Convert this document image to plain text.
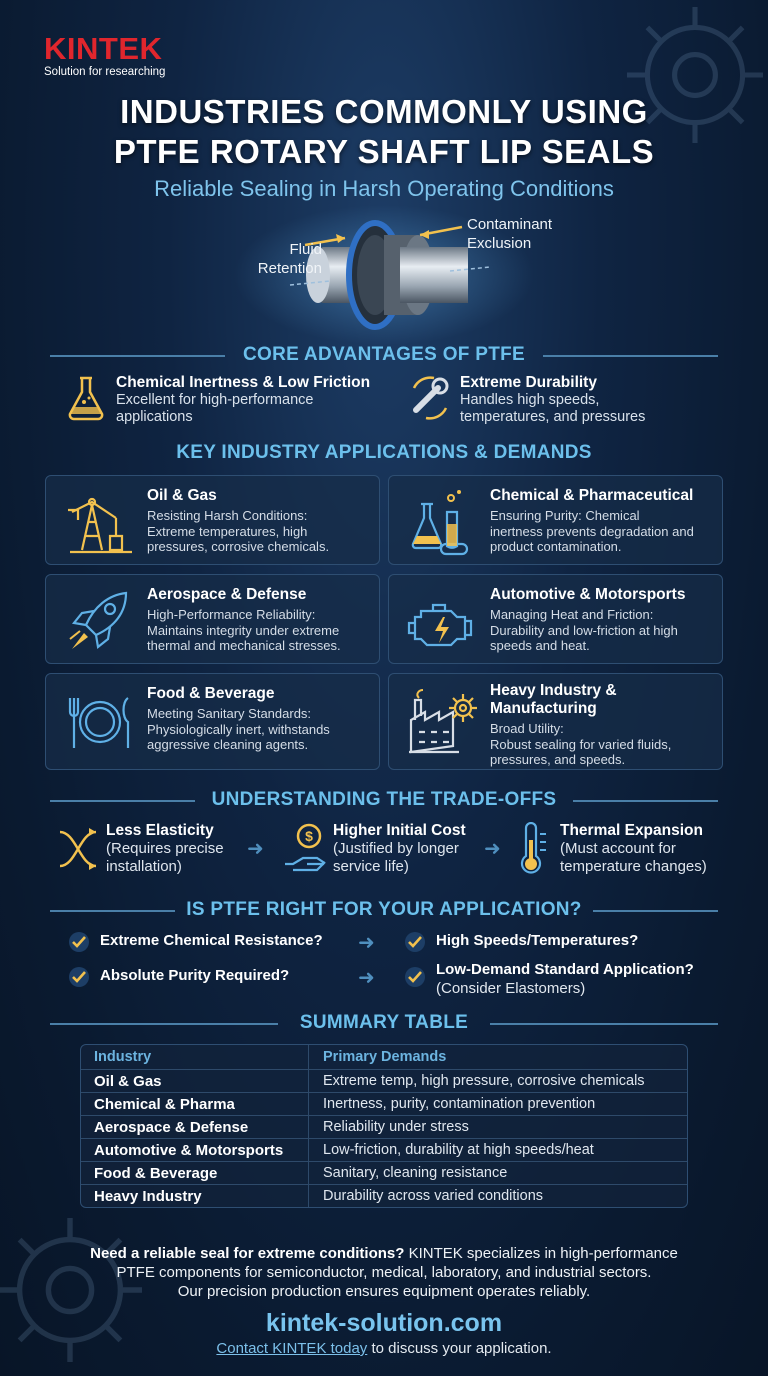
KINTEK
Solution for researching
INDUSTRIES COMMONLY USING
PTFE ROTARY SHAFT LIP SEALS
Reliable Sealing in Harsh Operating Conditions
Fluid
Retention
Contaminant
Exclusion
CORE ADVANTAGES OF PTFE
Chemical Inertness & Low Friction
Excellent for high-performance
applications
Extreme Durability
Handles high speeds,
temperatures, and pressures
KEY INDUSTRY APPLICATIONS & DEMANDS
Oil & Gas
Resisting Harsh Conditions:
Extreme temperatures, high
pressures, corrosive chemicals.
Chemical & Pharmaceutical
Ensuring Purity: Chemical
inertness prevents degradation and
product contamination.
Aerospace & Defense
High-Performance Reliability:
Maintains integrity under extreme
thermal and mechanical stresses.
Automotive & Motorsports
Managing Heat and Friction:
Durability and low-friction at high
speeds and heat.
Food & Beverage
Meeting Sanitary Standards:
Physiologically inert, withstands
aggressive cleaning agents.
Heavy Industry &
Manufacturing
Broad Utility:
Robust sealing for varied fluids,
pressures, and speeds.
UNDERSTANDING THE TRADE-OFFS
Less Elasticity
(Requires precise
installation)
➜
$ Higher Initial Cost
(Justified by longer
service life)
➜
Thermal Expansion
(Must account for
temperature changes)
IS PTFE RIGHT FOR YOUR APPLICATION?
Extreme Chemical Resistance? ➜	High Speeds/Temperatures?
Absolute Purity Required?	➜	Low-Demand Standard Application?
(Consider Elastomers)
SUMMARY TABLE
Industry	Primary Demands
Oil & Gas	Extreme temp, high pressure, corrosive chemicals
Chemical & Pharma	Inertness, purity, contamination prevention
Aerospace & Defense	Reliability under stress
Automotive & Motorsports	Low-friction, durability at high speeds/heat
Food & Beverage	Sanitary, cleaning resistance
Heavy Industry	Durability across varied conditions
Need a reliable seal for extreme conditions? KINTEK specializes in high-performance
PTFE components for semiconductor, medical, laboratory, and industrial sectors.
Our precision production ensures equipment operates reliably.
kintek-solution.com
Contact KINTEK today to discuss your application.
